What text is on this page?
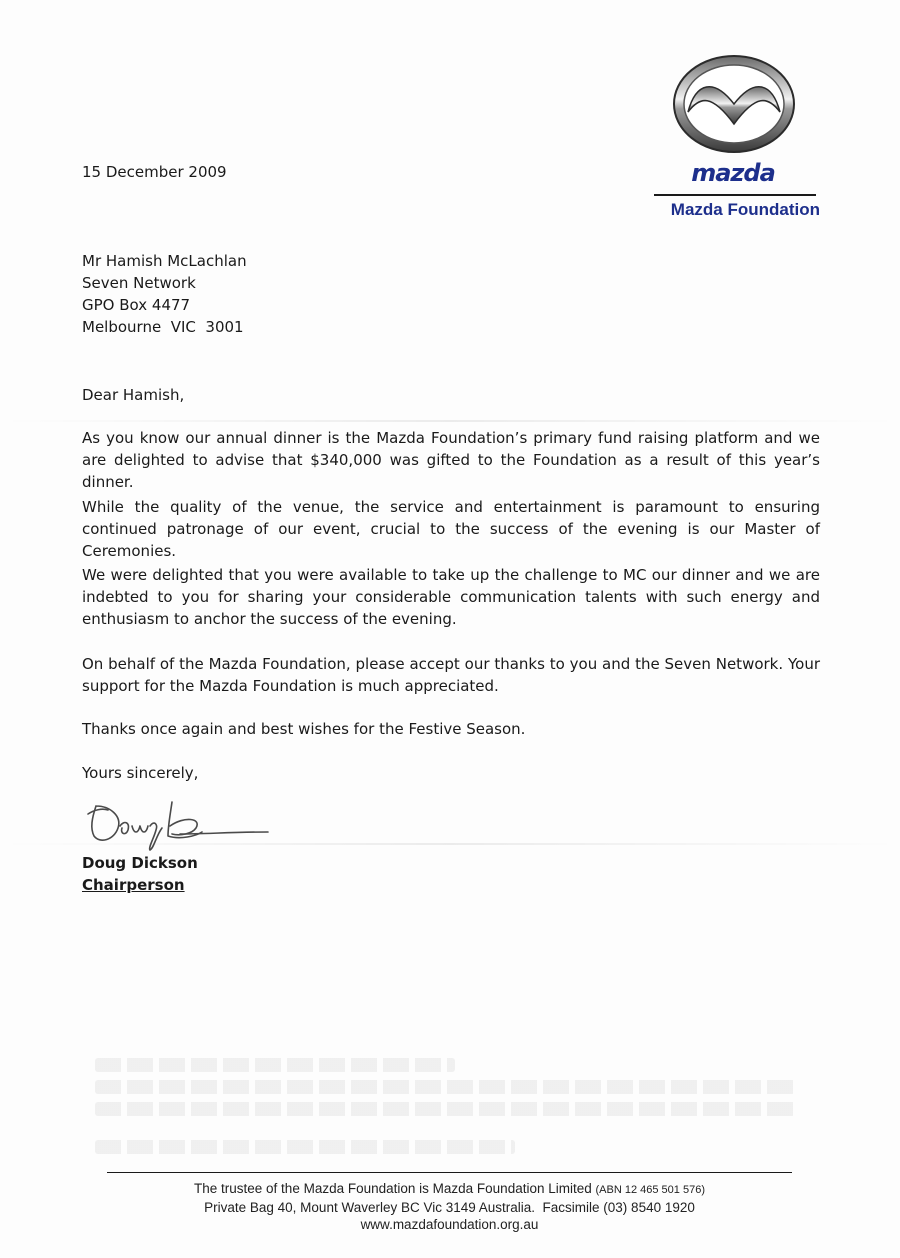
mazda
Mazda Foundation
15 December 2009
Mr Hamish McLachlan
Seven Network
GPO Box 4477
Melbourne  VIC  3001
Dear Hamish,
As you know our annual dinner is the Mazda Foundation’s primary fund raising platform and we are delighted to advise that $340,000 was gifted to the Foundation as a result of this year’s dinner.
While the quality of the venue, the service and entertainment is paramount to ensuring continued patronage of our event, crucial to the success of the evening is our Master of Ceremonies.
We were delighted that you were available to take up the challenge to MC our dinner and we are indebted to you for sharing your considerable communication talents with such energy and enthusiasm to anchor the success of the evening.
On behalf of the Mazda Foundation, please accept our thanks to you and the Seven Network. Your support for the Mazda Foundation is much appreciated.
Thanks once again and best wishes for the Festive Season.
Yours sincerely,
Doug Dickson
Chairperson
The trustee of the Mazda Foundation is Mazda Foundation Limited (ABN 12 465 501 576)
Private Bag 40, Mount Waverley BC Vic 3149 Australia.  Facsimile (03) 8540 1920
www.mazdafoundation.org.au
